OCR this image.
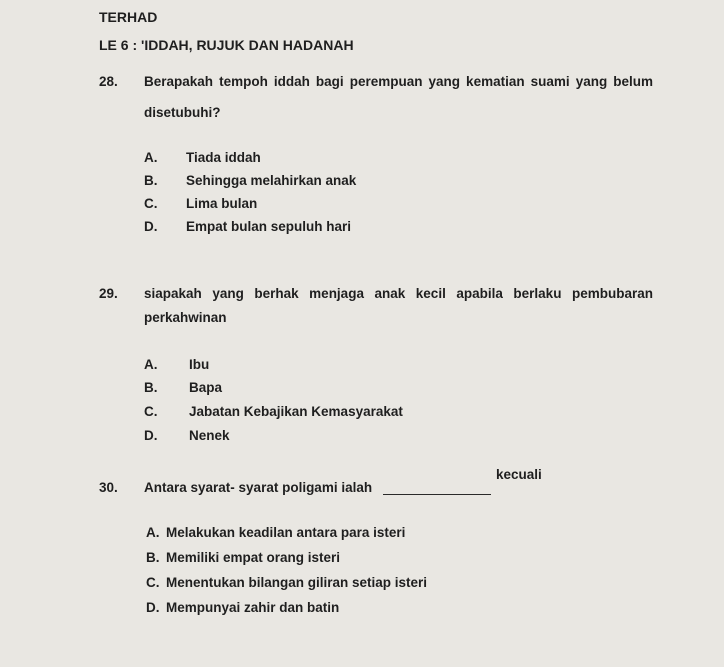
TERHAD
LE 6 : 'IDDAH, RUJUK DAN HADANAH
28. Berapakah tempoh iddah bagi perempuan yang kematian suami yang belum
disetubuhi?
A. Tiada iddah
B. Sehingga melahirkan anak
C. Lima bulan
D. Empat bulan sepuluh hari
29. siapakah yang berhak menjaga anak kecil apabila berlaku pembubaran
perkahwinan
A. Ibu
B. Bapa
C. Jabatan Kebajikan Kemasyarakat
D. Nenek
30. Antara syarat- syarat poligami ialah
kecuali
A. Melakukan keadilan antara para isteri
B. Memiliki empat orang isteri
C. Menentukan bilangan giliran setiap isteri
D. Mempunyai zahir dan batin
